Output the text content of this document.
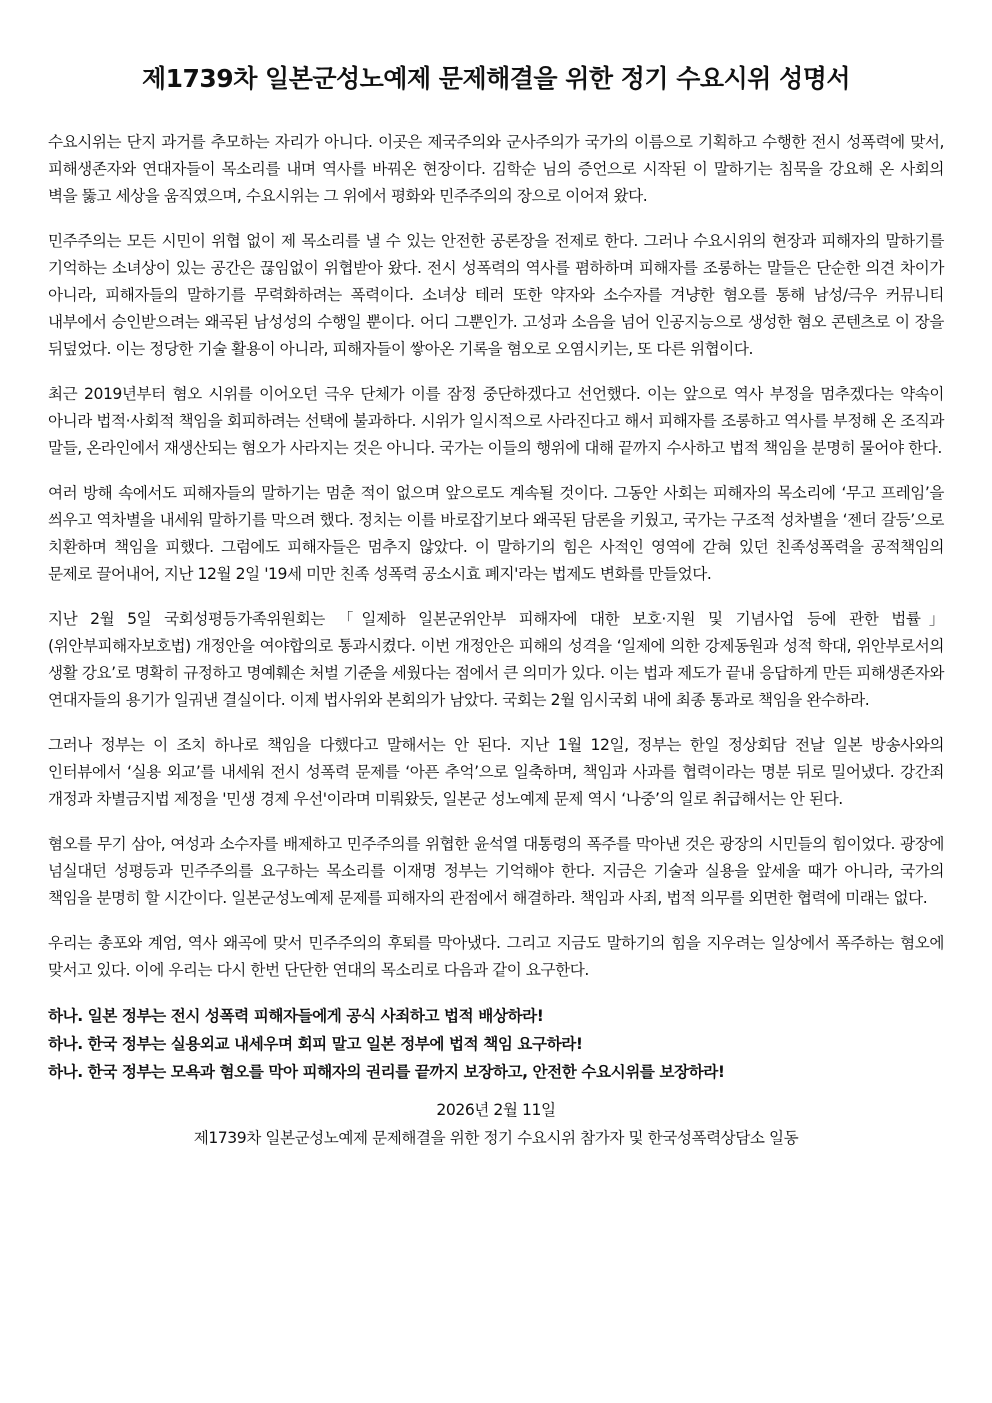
제1739차 일본군성노예제 문제해결을 위한 정기 수요시위 성명서

수요시위는 단지 과거를 추모하는 자리가 아니다. 이곳은 제국주의와 군사주의가 국가의 이름으로 기획하고 수행한 전시 성폭력에 맞서, 피해생존자와 연대자들이 목소리를 내며 역사를 바꿔온 현장이다. 김학순 님의 증언으로 시작된 이 말하기는 침묵을 강요해 온 사회의 벽을 뚫고 세상을 움직였으며, 수요시위는 그 위에서 평화와 민주주의의 장으로 이어져 왔다.

민주주의는 모든 시민이 위협 없이 제 목소리를 낼 수 있는 안전한 공론장을 전제로 한다. 그러나 수요시위의 현장과 피해자의 말하기를 기억하는 소녀상이 있는 공간은 끊임없이 위협받아 왔다. 전시 성폭력의 역사를 폄하하며 피해자를 조롱하는 말들은 단순한 의견 차이가 아니라, 피해자들의 말하기를 무력화하려는 폭력이다. 소녀상 테러 또한 약자와 소수자를 겨냥한 혐오를 통해 남성/극우 커뮤니티 내부에서 승인받으려는 왜곡된 남성성의 수행일 뿐이다. 어디 그뿐인가. 고성과 소음을 넘어 인공지능으로 생성한 혐오 콘텐츠로 이 장을 뒤덮었다. 이는 정당한 기술 활용이 아니라, 피해자들이 쌓아온 기록을 혐오로 오염시키는, 또 다른 위협이다.

최근 2019년부터 혐오 시위를 이어오던 극우 단체가 이를 잠정 중단하겠다고 선언했다. 이는 앞으로 역사 부정을 멈추겠다는 약속이 아니라 법적·사회적 책임을 회피하려는 선택에 불과하다. 시위가 일시적으로 사라진다고 해서 피해자를 조롱하고 역사를 부정해 온 조직과 말들, 온라인에서 재생산되는 혐오가 사라지는 것은 아니다. 국가는 이들의 행위에 대해 끝까지 수사하고 법적 책임을 분명히 물어야 한다.

여러 방해 속에서도 피해자들의 말하기는 멈춘 적이 없으며 앞으로도 계속될 것이다. 그동안 사회는 피해자의 목소리에 ‘무고 프레임’을 씌우고 역차별을 내세워 말하기를 막으려 했다. 정치는 이를 바로잡기보다 왜곡된 담론을 키웠고, 국가는 구조적 성차별을 ‘젠더 갈등’으로 치환하며 책임을 피했다. 그럼에도 피해자들은 멈추지 않았다. 이 말하기의 힘은 사적인 영역에 갇혀 있던 친족성폭력을 공적책임의 문제로 끌어내어, 지난 12월 2일 '19세 미만 친족 성폭력 공소시효 폐지'라는 법제도 변화를 만들었다.

지난 2월 5일 국회성평등가족위원회는 「일제하 일본군위안부 피해자에 대한 보호·지원 및 기념사업 등에 관한 법률」(위안부피해자보호법) 개정안을 여야합의로 통과시켰다. 이번 개정안은 피해의 성격을 ‘일제에 의한 강제동원과 성적 학대, 위안부로서의 생활 강요’로 명확히 규정하고 명예훼손 처벌 기준을 세웠다는 점에서 큰 의미가 있다. 이는 법과 제도가 끝내 응답하게 만든 피해생존자와 연대자들의 용기가 일궈낸 결실이다. 이제 법사위와 본회의가 남았다. 국회는 2월 임시국회 내에 최종 통과로 책임을 완수하라.

그러나 정부는 이 조치 하나로 책임을 다했다고 말해서는 안 된다. 지난 1월 12일, 정부는 한일 정상회담 전날 일본 방송사와의 인터뷰에서 ‘실용 외교’를 내세워 전시 성폭력 문제를 ‘아픈 추억’으로 일축하며, 책임과 사과를 협력이라는 명분 뒤로 밀어냈다. 강간죄 개정과 차별금지법 제정을 '민생 경제 우선'이라며 미뤄왔듯, 일본군 성노예제 문제 역시 ‘나중’의 일로 취급해서는 안 된다.

혐오를 무기 삼아, 여성과 소수자를 배제하고 민주주의를 위협한 윤석열 대통령의 폭주를 막아낸 것은 광장의 시민들의 힘이었다. 광장에 넘실대던 성평등과 민주주의를 요구하는 목소리를 이재명 정부는 기억해야 한다. 지금은 기술과 실용을 앞세울 때가 아니라, 국가의 책임을 분명히 할 시간이다. 일본군성노예제 문제를 피해자의 관점에서 해결하라. 책임과 사죄, 법적 의무를 외면한 협력에 미래는 없다.

우리는 총포와 계엄, 역사 왜곡에 맞서 민주주의의 후퇴를 막아냈다. 그리고 지금도 말하기의 힘을 지우려는 일상에서 폭주하는 혐오에 맞서고 있다. 이에 우리는 다시 한번 단단한 연대의 목소리로 다음과 같이 요구한다.

하나. 일본 정부는 전시 성폭력 피해자들에게 공식 사죄하고 법적 배상하라!
하나. 한국 정부는 실용외교 내세우며 회피 말고 일본 정부에 법적 책임 요구하라!
하나. 한국 정부는 모욕과 혐오를 막아 피해자의 권리를 끝까지 보장하고, 안전한 수요시위를 보장하라!
2026년 2월 11일
제1739차 일본군성노예제 문제해결을 위한 정기 수요시위 참가자 및 한국성폭력상담소 일동
